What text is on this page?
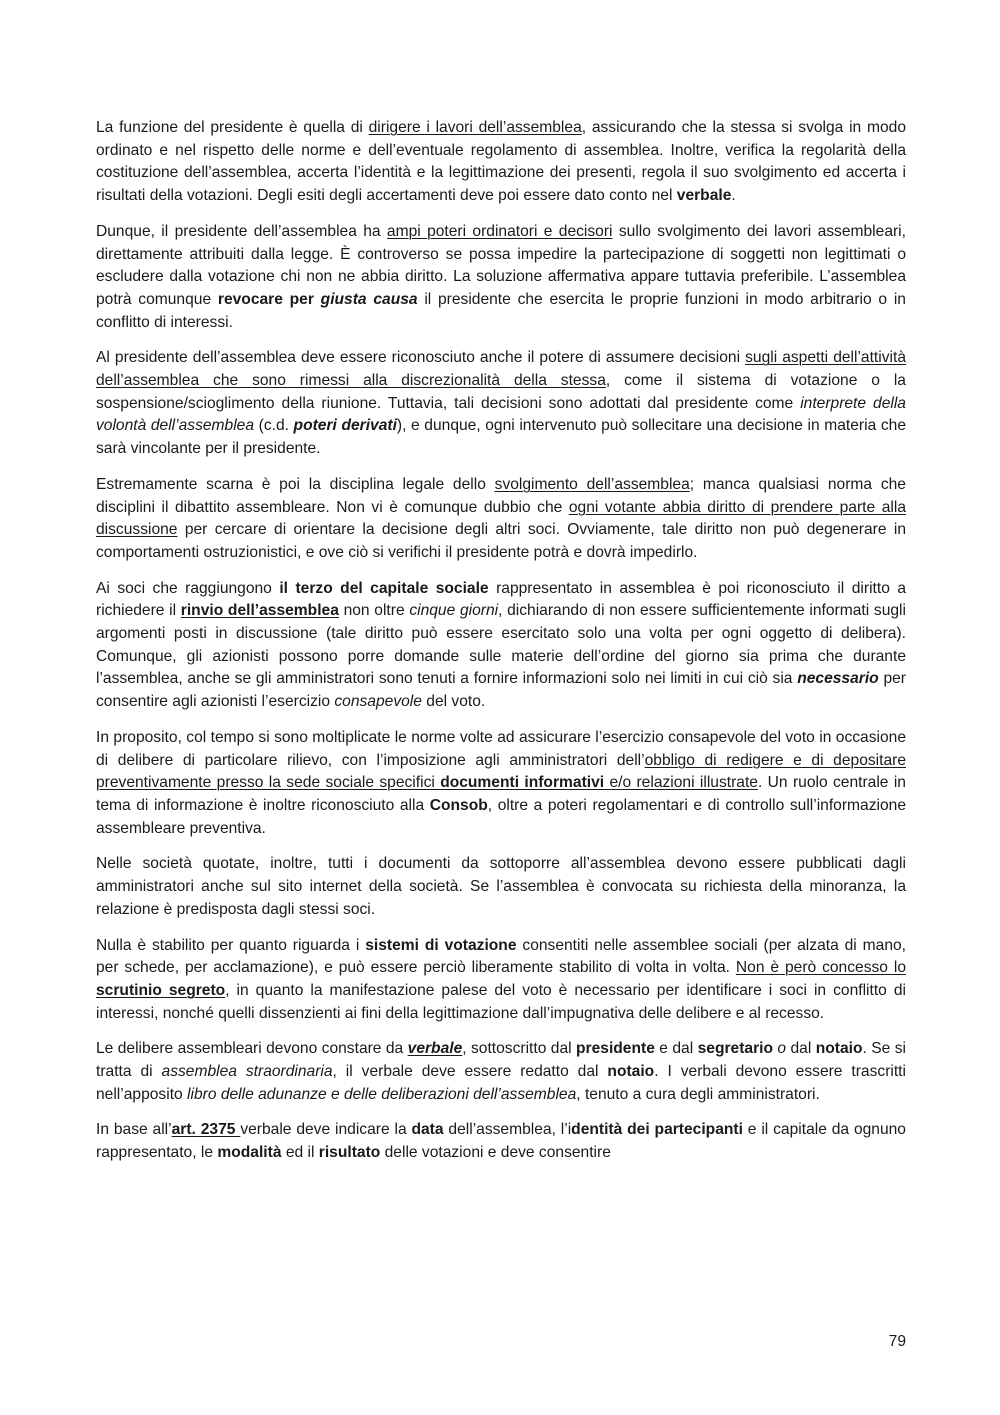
La funzione del presidente è quella di dirigere i lavori dell’assemblea, assicurando che la stessa si svolga in modo ordinato e nel rispetto delle norme e dell’eventuale regolamento di assemblea. Inoltre, verifica la regolarità della costituzione dell’assemblea, accerta l’identità e la legittimazione dei presenti, regola il suo svolgimento ed accerta i risultati della votazioni. Degli esiti degli accertamenti deve poi essere dato conto nel verbale.

Dunque, il presidente dell’assemblea ha ampi poteri ordinatori e decisori sullo svolgimento dei lavori assembleari, direttamente attribuiti dalla legge. È controverso se possa impedire la partecipazione di soggetti non legittimati o escludere dalla votazione chi non ne abbia diritto. La soluzione affermativa appare tuttavia preferibile. L’assemblea potrà comunque revocare per giusta causa il presidente che esercita le proprie funzioni in modo arbitrario o in conflitto di interessi.

Al presidente dell’assemblea deve essere riconosciuto anche il potere di assumere decisioni sugli aspetti dell’attività dell’assemblea che sono rimessi alla discrezionalità della stessa, come il sistema di votazione o la sospensione/scioglimento della riunione. Tuttavia, tali decisioni sono adottati dal presidente come interprete della volontà dell’assemblea (c.d. poteri derivati), e dunque, ogni intervenuto può sollecitare una decisione in materia che sarà vincolante per il presidente.

Estremamente scarna è poi la disciplina legale dello svolgimento dell’assemblea; manca qualsiasi norma che disciplini il dibattito assembleare. Non vi è comunque dubbio che ogni votante abbia diritto di prendere parte alla discussione per cercare di orientare la decisione degli altri soci. Ovviamente, tale diritto non può degenerare in comportamenti ostruzionistici, e ove ciò si verifichi il presidente potrà e dovrà impedirlo.

Ai soci che raggiungono il terzo del capitale sociale rappresentato in assemblea è poi riconosciuto il diritto a richiedere il rinvio dell’assemblea non oltre cinque giorni, dichiarando di non essere sufficientemente informati sugli argomenti posti in discussione (tale diritto può essere esercitato solo una volta per ogni oggetto di delibera). Comunque, gli azionisti possono porre domande sulle materie dell’ordine del giorno sia prima che durante l’assemblea, anche se gli amministratori sono tenuti a fornire informazioni solo nei limiti in cui ciò sia necessario per consentire agli azionisti l’esercizio consapevole del voto.

In proposito, col tempo si sono moltiplicate le norme volte ad assicurare l’esercizio consapevole del voto in occasione di delibere di particolare rilievo, con l’imposizione agli amministratori dell’obbligo di redigere e di depositare preventivamente presso la sede sociale specifici documenti informativi e/o relazioni illustrate. Un ruolo centrale in tema di informazione è inoltre riconosciuto alla Consob, oltre a poteri regolamentari e di controllo sull’informazione assembleare preventiva.

Nelle società quotate, inoltre, tutti i documenti da sottoporre all’assemblea devono essere pubblicati dagli amministratori anche sul sito internet della società. Se l’assemblea è convocata su richiesta della minoranza, la relazione è predisposta dagli stessi soci.

Nulla è stabilito per quanto riguarda i sistemi di votazione consentiti nelle assemblee sociali (per alzata di mano, per schede, per acclamazione), e può essere perciò liberamente stabilito di volta in volta. Non è però concesso lo scrutinio segreto, in quanto la manifestazione palese del voto è necessario per identificare i soci in conflitto di interessi, nonché quelli dissenzienti ai fini della legittimazione dall’impugnativa delle delibere e al recesso.

Le delibere assembleari devono constare da verbale, sottoscritto dal presidente e dal segretario o dal notaio. Se si tratta di assemblea straordinaria, il verbale deve essere redatto dal notaio. I verbali devono essere trascritti nell’apposito libro delle adunanze e delle deliberazioni dell’assemblea, tenuto a cura degli amministratori.

In base all’art. 2375 verbale deve indicare la data dell’assemblea, l’identità dei partecipanti e il capitale da ognuno rappresentato, le modalità ed il risultato delle votazioni e deve consentire

79
